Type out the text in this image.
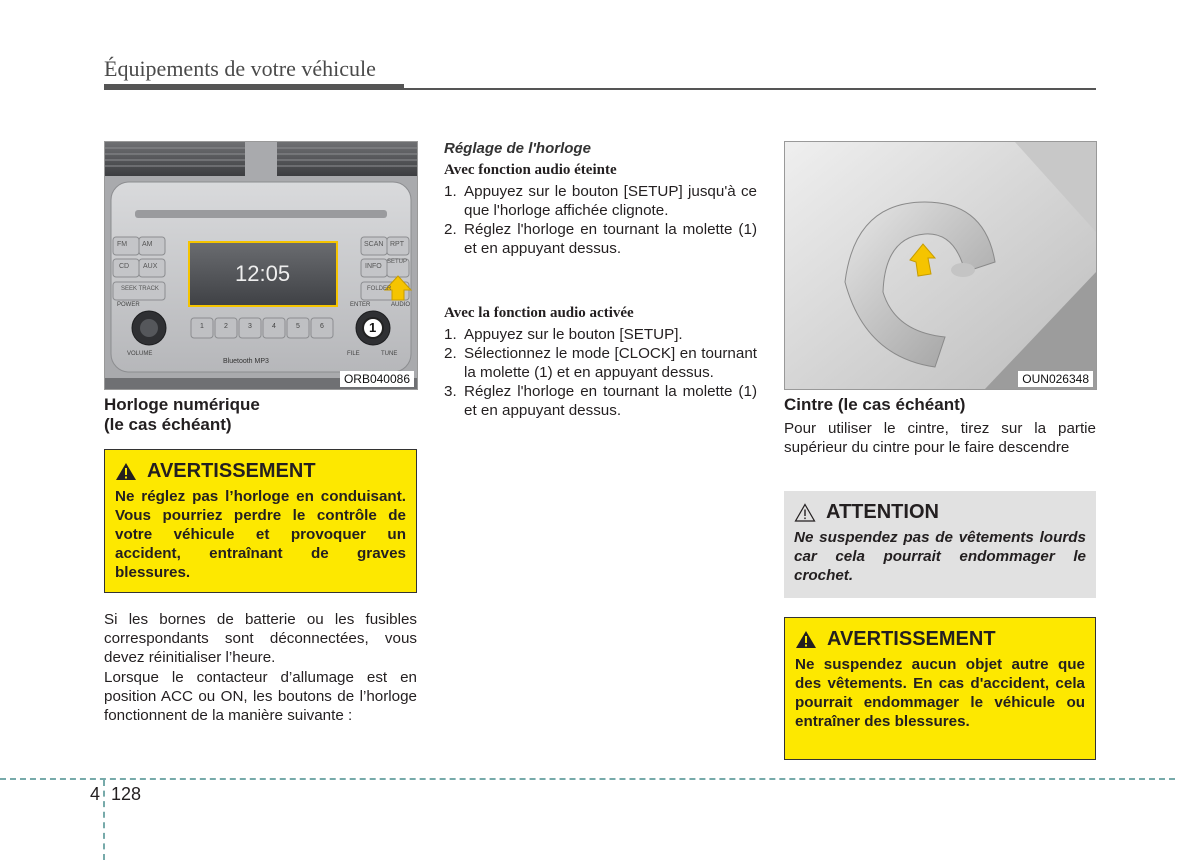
Équipements de votre véhicule
12:05
FM AM
CD AUX
SEEK TRACK
SCAN RPT
INFO
SETUP
FOLDER
POWER
VOLUME
ENTER	AUDIO
FILE	TUNE
1	2	3	4	5	6	1
Bluetooth MP3
ORB040086
Horloge numérique
(le cas échéant)
AVERTISSEMENT
Ne réglez pas l’horloge en conduisant. Vous pourriez perdre le contrôle de votre véhicule et provoquer un accident, entraînant de graves blessures.
Si les bornes de batterie ou les fusibles correspondants sont déconnectées, vous devez réinitialiser l’heure.
Lorsque le contacteur d’allumage est en position ACC ou ON, les boutons de l’horloge fonctionnent de la manière suivante :
Réglage de l'horloge
Avec fonction audio éteinte
1. Appuyez sur le bouton [SETUP] jusqu'à ce que l'horloge affichée clignote.
2. Réglez l'horloge en tournant la molette (1) et en appuyant dessus.
Avec la fonction audio activée
1. Appuyez sur le bouton [SETUP].
2. Sélectionnez le mode [CLOCK] en tournant la molette (1) et en appuyant dessus.
3. Réglez l'horloge en tournant la molette (1) et en appuyant dessus.
OUN026348
Cintre (le cas échéant)
Pour utiliser le cintre, tirez sur la partie supérieur du cintre pour le faire descendre
ATTENTION
Ne suspendez pas de vêtements lourds car cela pourrait endommager le crochet.
AVERTISSEMENT
Ne suspendez aucun objet autre que des vêtements. En cas d'accident, cela pourrait endommager le véhicule ou entraîner des blessures.
4 128
